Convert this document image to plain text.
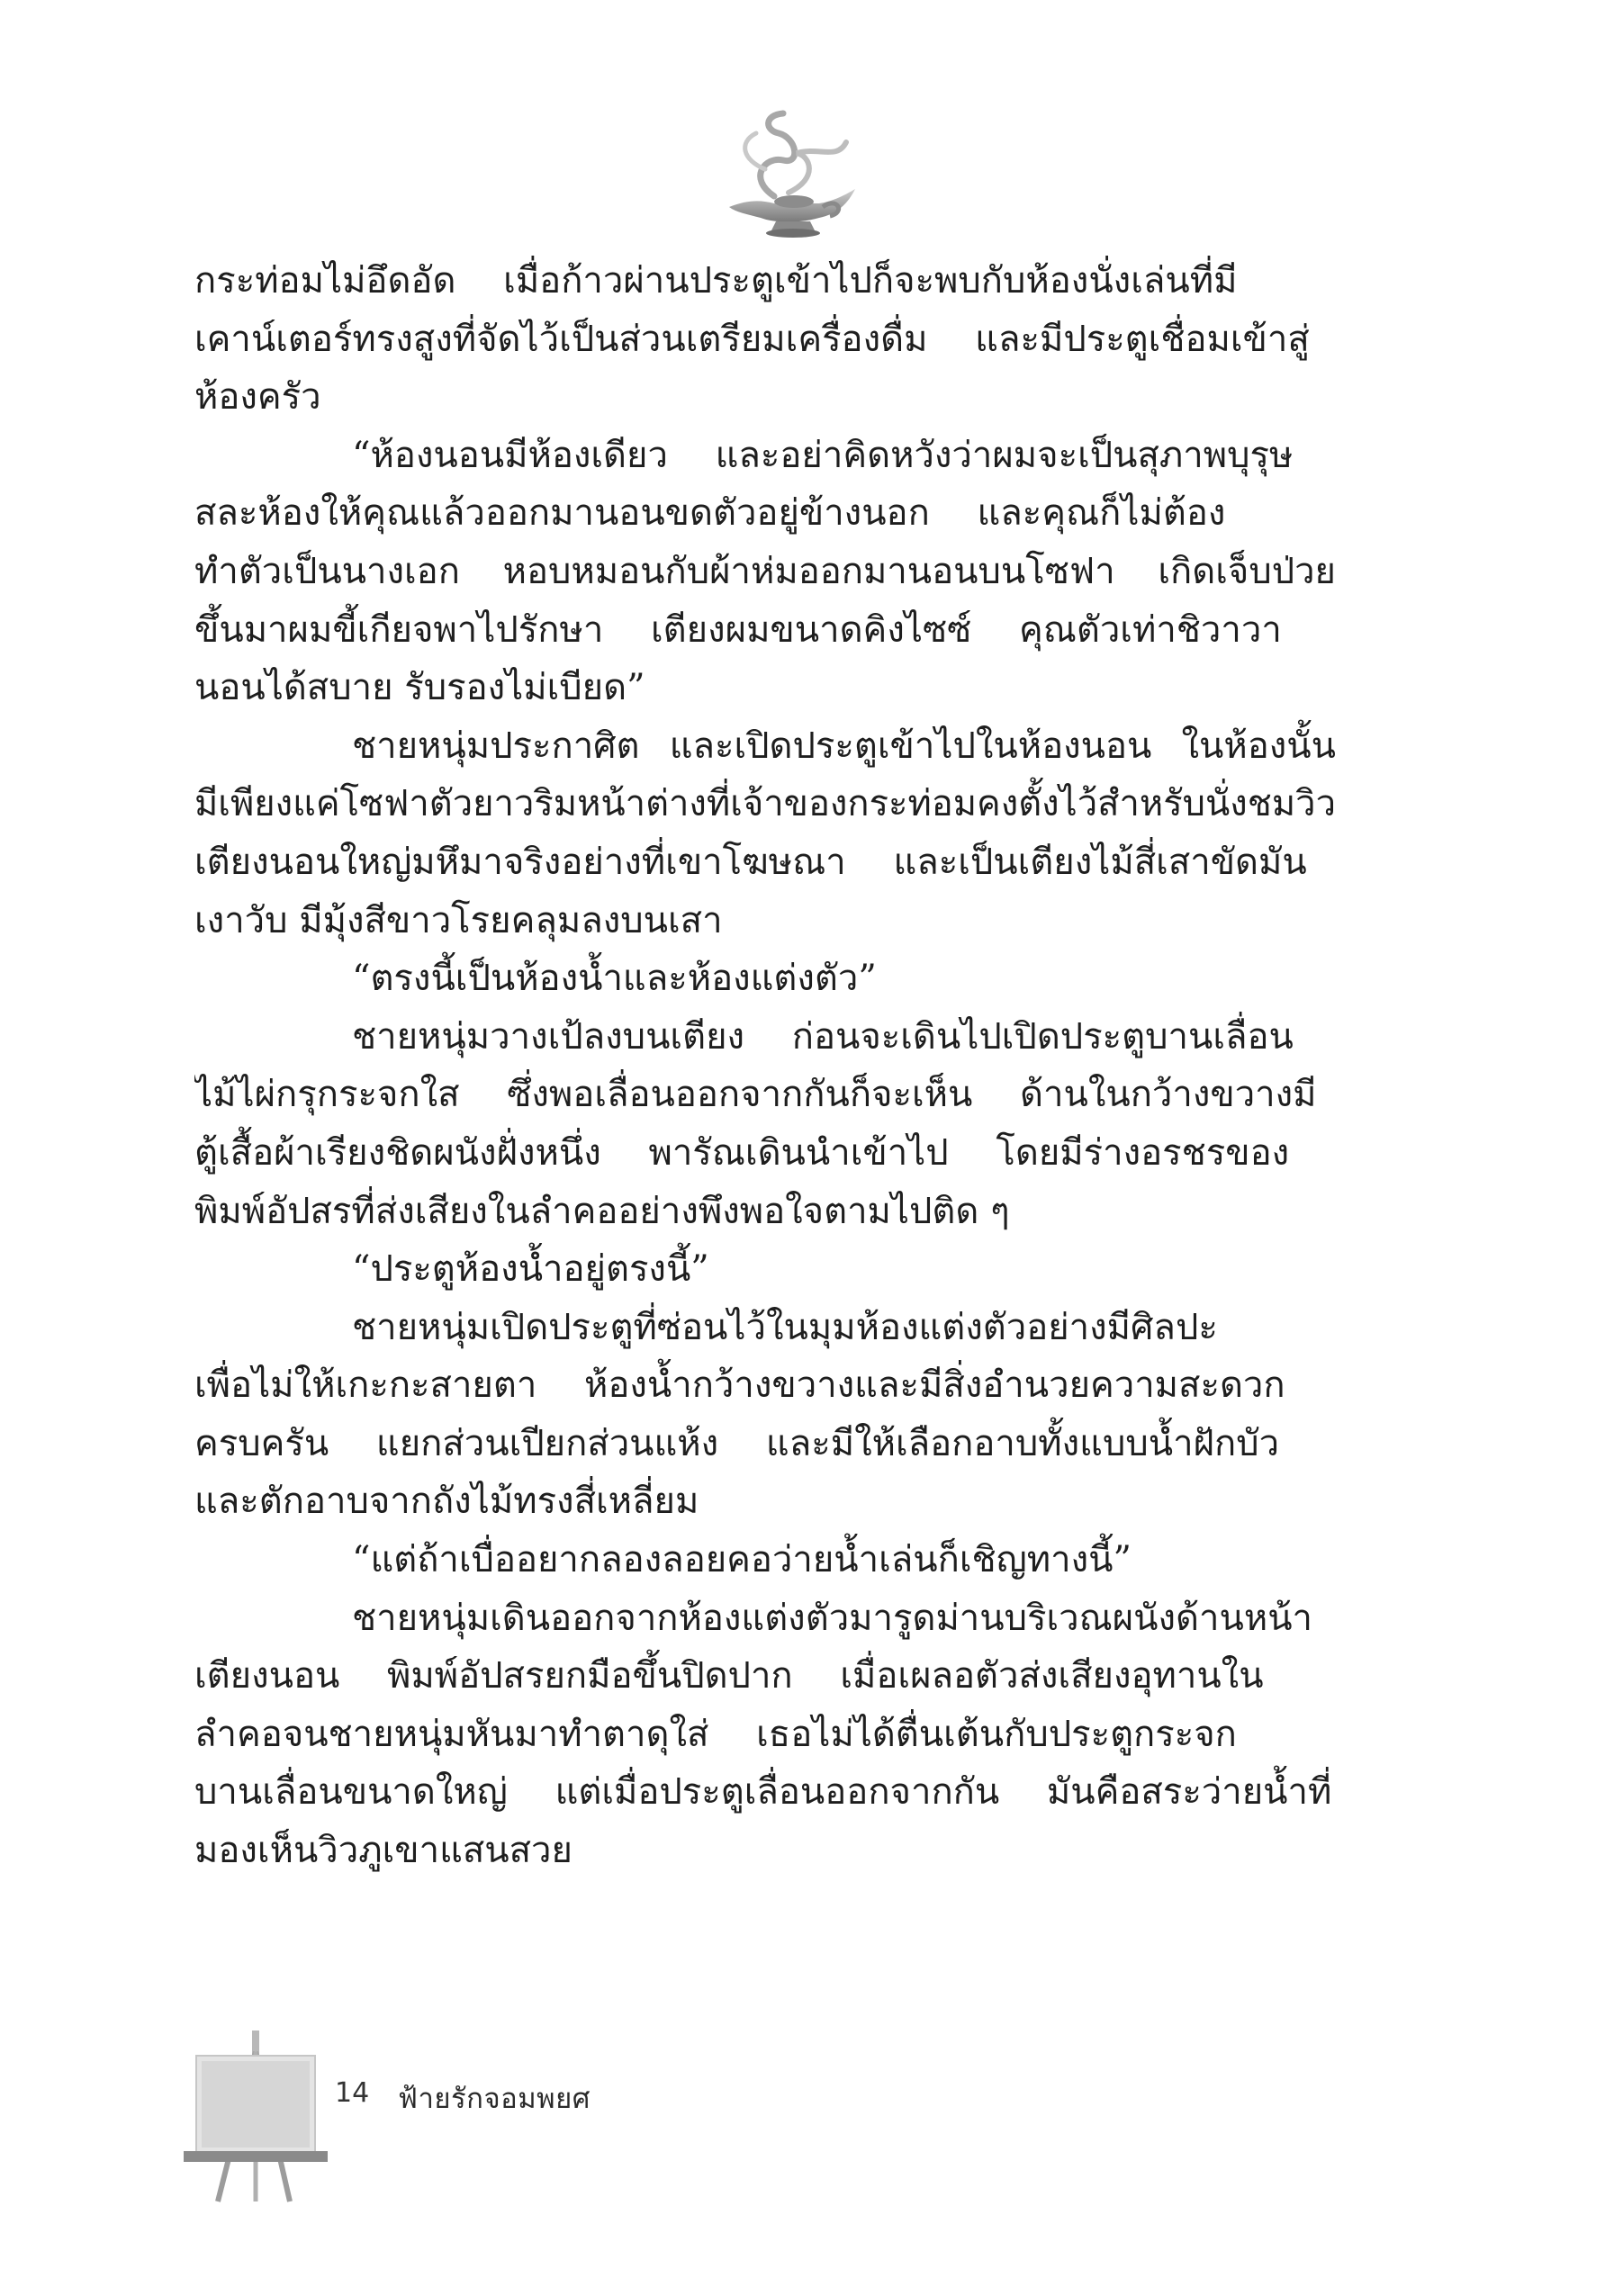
กระท่อมไม่อึดอัด เมื่อก้าวผ่านประตูเข้าไปก็จะพบกับห้องนั่งเล่นที่มี
เคาน์เตอร์ทรงสูงที่จัดไว้เป็นส่วนเตรียมเครื่องดื่ม และมีประตูเชื่อมเข้าสู่
ห้องครัว
“ห้องนอนมีห้องเดียว และอย่าคิดหวังว่าผมจะเป็นสุภาพบุรุษ
สละห้องให้คุณแล้วออกมานอนขดตัวอยู่ข้างนอก และคุณก็ไม่ต้อง
ทำตัวเป็นนางเอก หอบหมอนกับผ้าห่มออกมานอนบนโซฟา เกิดเจ็บป่วย
ขึ้นมาผมขี้เกียจพาไปรักษา เตียงผมขนาดคิงไซซ์ คุณตัวเท่าชิวาวา
นอนได้สบาย รับรองไม่เบียด”
ชายหนุ่มประกาศิต และเปิดประตูเข้าไปในห้องนอน ในห้องนั้น
มีเพียงแค่โซฟาตัวยาวริมหน้าต่างที่เจ้าของกระท่อมคงตั้งไว้สำหรับนั่งชมวิว
เตียงนอนใหญ่มหึมาจริงอย่างที่เขาโฆษณา และเป็นเตียงไม้สี่เสาขัดมัน
เงาวับ มีมุ้งสีขาวโรยคลุมลงบนเสา
“ตรงนี้เป็นห้องน้ำและห้องแต่งตัว”
ชายหนุ่มวางเป้ลงบนเตียง ก่อนจะเดินไปเปิดประตูบานเลื่อน
ไม้ไผ่กรุกระจกใส ซึ่งพอเลื่อนออกจากกันก็จะเห็น ด้านในกว้างขวางมี
ตู้เสื้อผ้าเรียงชิดผนังฝั่งหนึ่ง พารัณเดินนำเข้าไป โดยมีร่างอรชรของ
พิมพ์อัปสรที่ส่งเสียงในลำคออย่างพึงพอใจตามไปติด ๆ
“ประตูห้องน้ำอยู่ตรงนี้”
ชายหนุ่มเปิดประตูที่ซ่อนไว้ในมุมห้องแต่งตัวอย่างมีศิลปะ
เพื่อไม่ให้เกะกะสายตา ห้องน้ำกว้างขวางและมีสิ่งอำนวยความสะดวก
ครบครัน แยกส่วนเปียกส่วนแห้ง และมีให้เลือกอาบทั้งแบบน้ำฝักบัว
และตักอาบจากถังไม้ทรงสี่เหลี่ยม
“แต่ถ้าเบื่ออยากลองลอยคอว่ายน้ำเล่นก็เชิญทางนี้”
ชายหนุ่มเดินออกจากห้องแต่งตัวมารูดม่านบริเวณผนังด้านหน้า
เตียงนอน พิมพ์อัปสรยกมือขึ้นปิดปาก เมื่อเผลอตัวส่งเสียงอุทานใน
ลำคอจนชายหนุ่มหันมาทำตาดุใส่ เธอไม่ได้ตื่นเต้นกับประตูกระจก
บานเลื่อนขนาดใหญ่ แต่เมื่อประตูเลื่อนออกจากกัน มันคือสระว่ายน้ำที่
มองเห็นวิวภูเขาแสนสวย
14 ฟ้ายรักจอมพยศ
